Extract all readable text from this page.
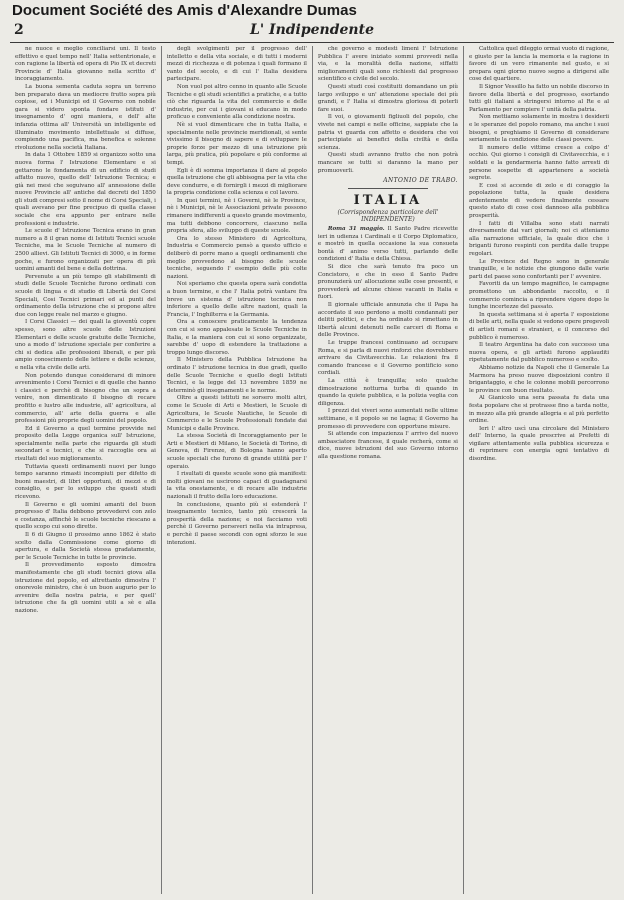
Document Société des Amis d'Alexandre Dumas
2	L' Indipendente

ne nuoce e meglio conciliarsi uni. Il testo effettivo e quel tempo nell' Italia settentrionale, e con ragione la libertà ed opera di Pio IX et decreti Provincie d' Italia giovanno nella scritto d' incoraggiamento.

La buona sementa caduta sopra un terreno ben preparato dava un mediocre frutto sopra più copiose, ed i Municipi ed il Governo con nobile gara si videro sponta fondare istituti d' insegnamento d' ogni maniera, e dell' alte infanzia ottima all' Università un intelligente ed illuminato movimento intellettuale si diffuse, compiendo una pacifica, ma benefica e solenne rivoluzione nella società Italiana.

In data 1 Ottobre 1859 si organizzo sotto una nuova forma l' Istruzione Elementare e si gettarono le fondamenta di un edificio di studi affatto nuovo, quello dell' Istruzione Tecnica; e già nei mesi che seguivano all' annessione delle nuove Provincie all' antiche dal decreti del 1850 gli studi compresi sotto il nome di Corsi Speciali, i quali avevano per fine precipuo di quella classe sociale che era appunto per entrare nelle professioni e industrie.

Le scuole d' Istruzione Tecnica erano in gran numero a 8 il gran nome di Istituti Tecnici scuole Tecniche, ma le Scuole Tecniche al numero di 2500 allievi. Gli Istituti Tecnici di 3000, e in forme poche, e furono organizzati per opera di più uomini amanti del bene e della dottrina.

Pervenute a un più tempo gli stabilimenti di studi delle Scuole Tecniche furono ordinati con scuole di lingua e di studio di Libertà dei Corsi Speciali, Cosi Tecnici primari ed ai punti del ordinamento della istruzione che si propone altre due con legge reale nel marzo e giugno.

I Corsi Classici — dei quali la gioventù copre spesso, sono altre scuole delle Istruzioni Elementari e delle scuole gratuite delle Tecniche, uno a modo d' istruzione speciale per conferire a chi si dedica alle professioni liberali, e per più ampio conoscimento delle lettere e delle scienze, e nella vita civile delle arti.

Non potendo dunque considerarsi di minore avvenimento i Corsi Tecnici e di quelle che hanno i classici e perchè di bisogno che un sopra a venire, non dimenticato il bisogno di recare profitto e lustro alle industrie, all' agricoltura, al commercio, all' arte della guerra e alle professioni più proprie degli uomini del popolo.

Ed il Governo a quel termine provvide nel proposito della Legge organica sull' Istruzione, specialmente nella parte che riguarda gli studi secondari e tecnici, e che si raccoglie ora ai risultati del suo miglioramento.

Tuttavia questi ordinamenti nuovi per lungo tempo saranno rimasti incompiuti per difetto di buoni maestri, di libri opportuni, di mezzi e di consiglio, e per lo sviluppo che questi studi ricevono.

Il Governo e gli uomini amanti del buon progresso d' Italia debbono provvedervi con zelo e costanza, affinchè le scuole tecniche riescano a quello scopo cui sono dirette.

Il 6 di Giugno il prossimo anno 1862 è stato scelto dalla Commissione come giorno di apertura, e dalla Società stessa gradatamente, per le Scuole Tecniche in tutte le provincie.

Il provvedimento esposto dimostra manifestamente che gli studi tecnici giova alla istruzione del popolo, ed altrettanto dimostra l' onorevole ministro, che è un buon augurio per lo avvenire della nostra patria, e per quell' istruzione che fa gli uomini utili a sè e alla nazione.

degli svolgimenti per il progresso dell' intelletto e della vita sociale, e di tutti i moderni mezzi di ricchezza e di potenza i quali formano il vanto del secolo, e di cui l' Italia desidera partecipare.

Non vuol poi altro cenno in quanto alle Scuole Tecniche e gli studi scientifici a pratiche, e a tutto ciò che riguarda la vita del commercio e delle industrie, per cui i giovani si educano in modo proficuo e conveniente alla condizione nostra.

Nè si vuol dimenticare che in tutta Italia, e specialmente nelle provincie meridionali, si sente vivissimo il bisogno di sapere e di sviluppare le proprie forze per mezzo di una istruzione più larga, più pratica, più popolare e più conforme ai tempi.

Egli è di somma importanza il dare al popolo quella istruzione che gli abbisogna per la vita che deve condurre, e di fornirgli i mezzi di migliorare la propria condizione colla scienza e col lavoro.

In quei termini, nè i Governi, nè le Province, nè i Municipi, nè le Associazioni private possono rimanere indifferenti a questo grande movimento, ma tutti debbono concorrere, ciascuno nella propria sfera, allo sviluppo di queste scuole.

Ora lo stesso Ministero di Agricoltura, Industria e Commercio pensò a questo ufficio e deliberò di porre mano a quegli ordinamenti che meglio provvedono al bisogno delle scuole tecniche, seguendo l' esempio delle più colte nazioni.

Noi speriamo che questa opera sarà condotta a buon termine, e che l' Italia potrà vantare fra breve un sistema d' istruzione tecnica non inferiore a quello delle altre nazioni, quali la Francia, l' Inghilterra e la Germania.

Ora a conoscere praticamente la tendenza con cui si sono appalesate le Scuole Tecniche in Italia, e la maniera con cui si sono organizzate, sarebbe d' uopo di estendere la trattazione a troppo lungo discorso.

Il Ministero della Pubblica Istruzione ha ordinato l' istruzione tecnica in due gradi, quello delle Scuole Tecniche e quello degli Istituti Tecnici, e la legge del 13 novembre 1859 ne determinò gli insegnamenti e le norme.

Oltre a questi istituti ne sorsero molti altri, come le Scuole di Arti e Mestieri, le Scuole di Agricoltura, le Scuole Nautiche, le Scuole di Commercio e le Scuole Professionali fondate dai Municipi e dalle Province.

La stessa Società di Incoraggiamento per le Arti e Mestieri di Milano, le Società di Torino, di Genova, di Firenze, di Bologna hanno aperto scuole speciali che furono di grande utilità per l' operaio.

I risultati di queste scuole sono già manifesti: molti giovani ne uscirono capaci di guadagnarsi la vita onestamente, e di recare alle industrie nazionali il frutto della loro educazione.

In conclusione, quanto più si estenderà l' insegnamento tecnico, tanto più crescerà la prosperità della nazione; e noi facciamo voti perchè il Governo perseveri nella via intrapresa, e perchè il paese secondi con ogni sforzo le sue intenzioni.

che governo e modesti limeni l' Istruzione Pubblica l' avere iniziato sommi provvedi nella via, e la moralità della nazione, siffatti miglioramenti quali sono richiesti dal progresso scientifico e civile del secolo.

Questi studi così costituiti domandano un più largo sviluppo e un' attenzione speciale dei più grandi, e l' Italia si dimostra gloriosa di poterli fare suoi.

Il voi, o giovamenti figliuoli del popolo, che vivete nei campi e nelle officine, sappiate che la patria vi guarda con affetto e desidera che voi partecipiate ai benefici della civiltà e della scienza.

Questi studi avranno frutto che non potrà mancare se tutti si daranno la mano per promuoverli.

ANTONIO DE TRABO.
ITALIA
(Corrispondenza particolare dell' INDIPENDENTE)

Roma 31 maggio. Il Santo Padre ricevette ieri in udienza i Cardinali e il Corpo Diplomatico, e mostrò in quella occasione la sua consueta bontà d' animo verso tutti, parlando delle condizioni d' Italia e della Chiesa.

Si dice che sarà tenuto fra poco un Concistoro, e che in esso il Santo Padre pronunzierà un' allocuzione sulle cose presenti, e provvederà ad alcune chiese vacanti in Italia e fuori.

Il giornale ufficiale annunzia che il Papa ha accordato il suo perdono a molti condannati per delitti politici, e che ha ordinato si rimettano in libertà alcuni detenuti nelle carceri di Roma e delle Province.

Le truppe francesi continuano ad occupare Roma, e si parla di nuovi rinforzi che dovrebbero arrivare da Civitavecchia. Le relazioni fra il comando francese e il Governo pontificio sono cordiali.

La città è tranquilla; solo qualche dimostrazione notturna turba di quando in quando la quiete pubblica, e la polizia veglia con diligenza.

I prezzi dei viveri sono aumentati nelle ultime settimane, e il popolo se ne lagna; il Governo ha promesso di provvedere con opportune misure.

Si attende con impazienza l' arrivo del nuovo ambasciatore francese, il quale recherà, come si dice, nuove istruzioni del suo Governo intorno alla questione romana.

Cattolica quel dileggio ormai vuoto di ragione, e giusto per la lancia la memoria e la ragione in favore di un vero rimanente nel gusto, e si prepara ogni giorno nuovo segno a dirigersi alle cose del quartiere.

Il Signor Vessillo ha fatto un nobile discorso in favore della libertà e del progresso, esortando tutti gli italiani a stringersi intorno al Re e al Parlamento per compiere l' unità della patria.

Non mettiamo solamente in mostra i desiderii e le speranze del popolo romano, ma anche i suoi bisogni, e preghiamo il Governo di considerare seriamente la condizione delle classi povere.

Il numero delle vittime cresce a colpo d' occhio. Qui giorno i consigli di Civitavecchia, e i soldati e la gendarmeria hanno fatto arresti di persone sospette di appartenere a società segrete.

E cosi si accende di zelo e di coraggio la popolazione tutta, la quale desidera ardentemente di vedere finalmente cessare questo stato di cose così dannoso alla pubblica prosperità.

I fatti di Villalba sono stati narrati diversamente dai vari giornali; noi ci atteniamo alla narrazione ufficiale, la quale dice che i briganti furono respinti con perdita dalle truppe regolari.

Le Province del Regno sono in generale tranquille, e le notizie che giungono dalle varie parti del paese sono confortanti per l' avvenire.

Favoriti da un tempo magnifico, le campagne promettono un abbondante raccolto, e il commercio comincia a riprendere vigore dopo le lunghe incertezze del passato.

In questa settimana si è aperta l' esposizione di belle arti, nella quale si vedono opere pregevoli di artisti romani e stranieri, e il concorso del pubblico è numeroso.

Il teatro Argentina ha dato con successo una nuova opera, e gli artisti furono applauditi ripetutamente dal pubblico numeroso e scelto.

Abbiamo notizie da Napoli che il Generale La Marmora ha preso nuove disposizioni contro il brigantaggio, e che le colonne mobili percorrono le province con buon risultato.

Al Gianicolo una sera passata fu data una festa popolare che si protrasse fino a tarda notte, in mezzo alla più grande allegria e al più perfetto ordine.

Ieri l' altro uscì una circolare del Ministero dell' Interno, la quale prescrive ai Prefetti di vigilare attentamente sulla pubblica sicurezza e di reprimere con energia ogni tentativo di disordine.
